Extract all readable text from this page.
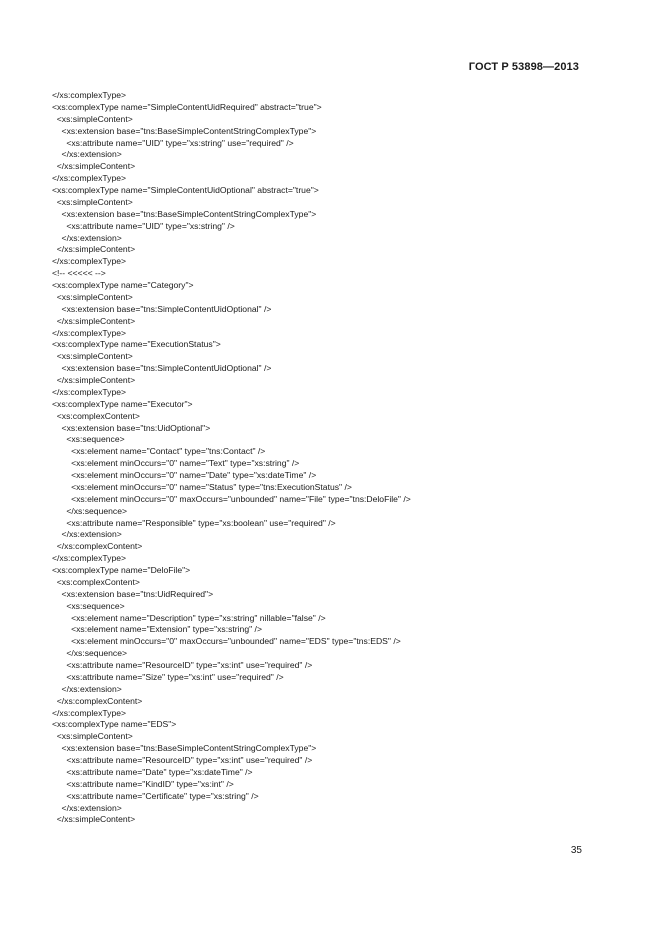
ГОСТ Р 53898—2013
</xs:complexType>
<xs:complexType name="SimpleContentUidRequired" abstract="true">
<xs:simpleContent>
<xs:extension base="tns:BaseSimpleContentStringComplexType">
<xs:attribute name="UID" type="xs:string" use="required" />
</xs:extension>
</xs:simpleContent>
</xs:complexType>
<xs:complexType name="SimpleContentUidOptional" abstract="true">
<xs:simpleContent>
<xs:extension base="tns:BaseSimpleContentStringComplexType">
<xs:attribute name="UID" type="xs:string" />
</xs:extension>
</xs:simpleContent>
</xs:complexType>
<!-- <<<<< -->
<xs:complexType name="Category">
<xs:simpleContent>
<xs:extension base="tns:SimpleContentUidOptional" />
</xs:simpleContent>
</xs:complexType>
<xs:complexType name="ExecutionStatus">
<xs:simpleContent>
<xs:extension base="tns:SimpleContentUidOptional" />
</xs:simpleContent>
</xs:complexType>
<xs:complexType name="Executor">
<xs:complexContent>
<xs:extension base="tns:UidOptional">
<xs:sequence>
<xs:element name="Contact" type="tns:Contact" />
<xs:element minOccurs="0" name="Text" type="xs:string" />
<xs:element minOccurs="0" name="Date" type="xs:dateTime" />
<xs:element minOccurs="0" name="Status" type="tns:ExecutionStatus" />
<xs:element minOccurs="0" maxOccurs="unbounded" name="File" type="tns:DeloFile" />
</xs:sequence>
<xs:attribute name="Responsible" type="xs:boolean" use="required" />
</xs:extension>
</xs:complexContent>
</xs:complexType>
<xs:complexType name="DeloFile">
<xs:complexContent>
<xs:extension base="tns:UidRequired">
<xs:sequence>
<xs:element name="Description" type="xs:string" nillable="false" />
<xs:element name="Extension" type="xs:string" />
<xs:element minOccurs="0" maxOccurs="unbounded" name="EDS" type="tns:EDS" />
</xs:sequence>
<xs:attribute name="ResourceID" type="xs:int" use="required" />
<xs:attribute name="Size" type="xs:int" use="required" />
</xs:extension>
</xs:complexContent>
</xs:complexType>
<xs:complexType name="EDS">
<xs:simpleContent>
<xs:extension base="tns:BaseSimpleContentStringComplexType">
<xs:attribute name="ResourceID" type="xs:int" use="required" />
<xs:attribute name="Date" type="xs:dateTime" />
<xs:attribute name="KindID" type="xs:int" />
<xs:attribute name="Certificate" type="xs:string" />
</xs:extension>
</xs:simpleContent>
35
